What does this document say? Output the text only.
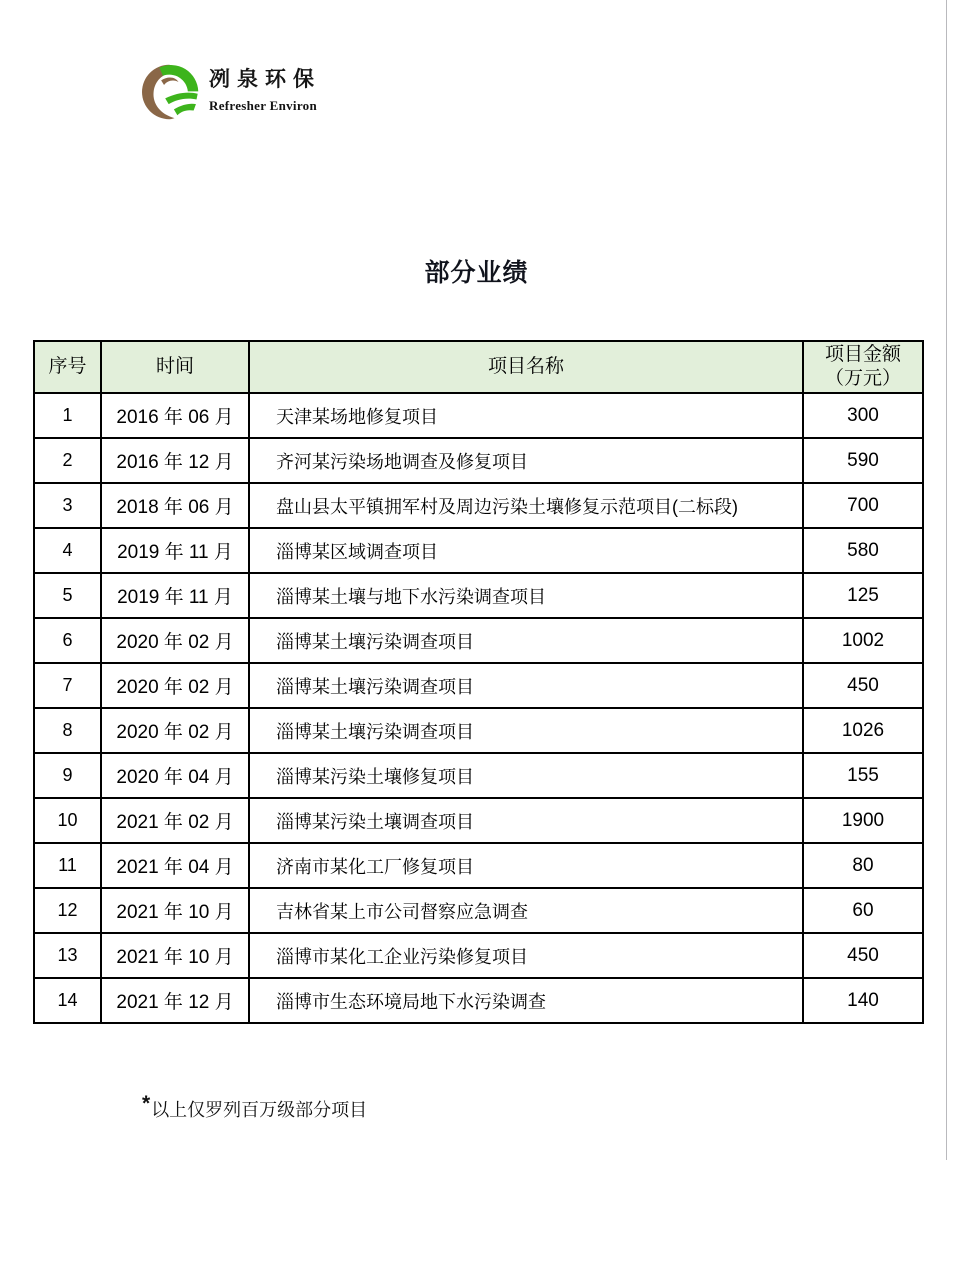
冽泉环保
Refresher Environ
部分业绩
序号	时间	项目名称	项目金额
（万元）

1	2016 年 06 月	天津某场地修复项目	300
2	2016 年 12 月	齐河某污染场地调查及修复项目	590
3	2018 年 06 月	盘山县太平镇拥军村及周边污染土壤修复示范项目(二标段)	700
4	2019 年 11 月	淄博某区域调查项目	580
5	2019 年 11 月	淄博某土壤与地下水污染调查项目	125
6	2020 年 02 月	淄博某土壤污染调查项目	1002
7	2020 年 02 月	淄博某土壤污染调查项目	450
8	2020 年 02 月	淄博某土壤污染调查项目	1026
9	2020 年 04 月	淄博某污染土壤修复项目	155
10	2021 年 02 月	淄博某污染土壤调查项目	1900
11	2021 年 04 月	济南市某化工厂修复项目	80
12	2021 年 10 月	吉林省某上市公司督察应急调查	60
13	2021 年 10 月	淄博市某化工企业污染修复项目	450
14	2021 年 12 月	淄博市生态环境局地下水污染调查	140
*以上仅罗列百万级部分项目
